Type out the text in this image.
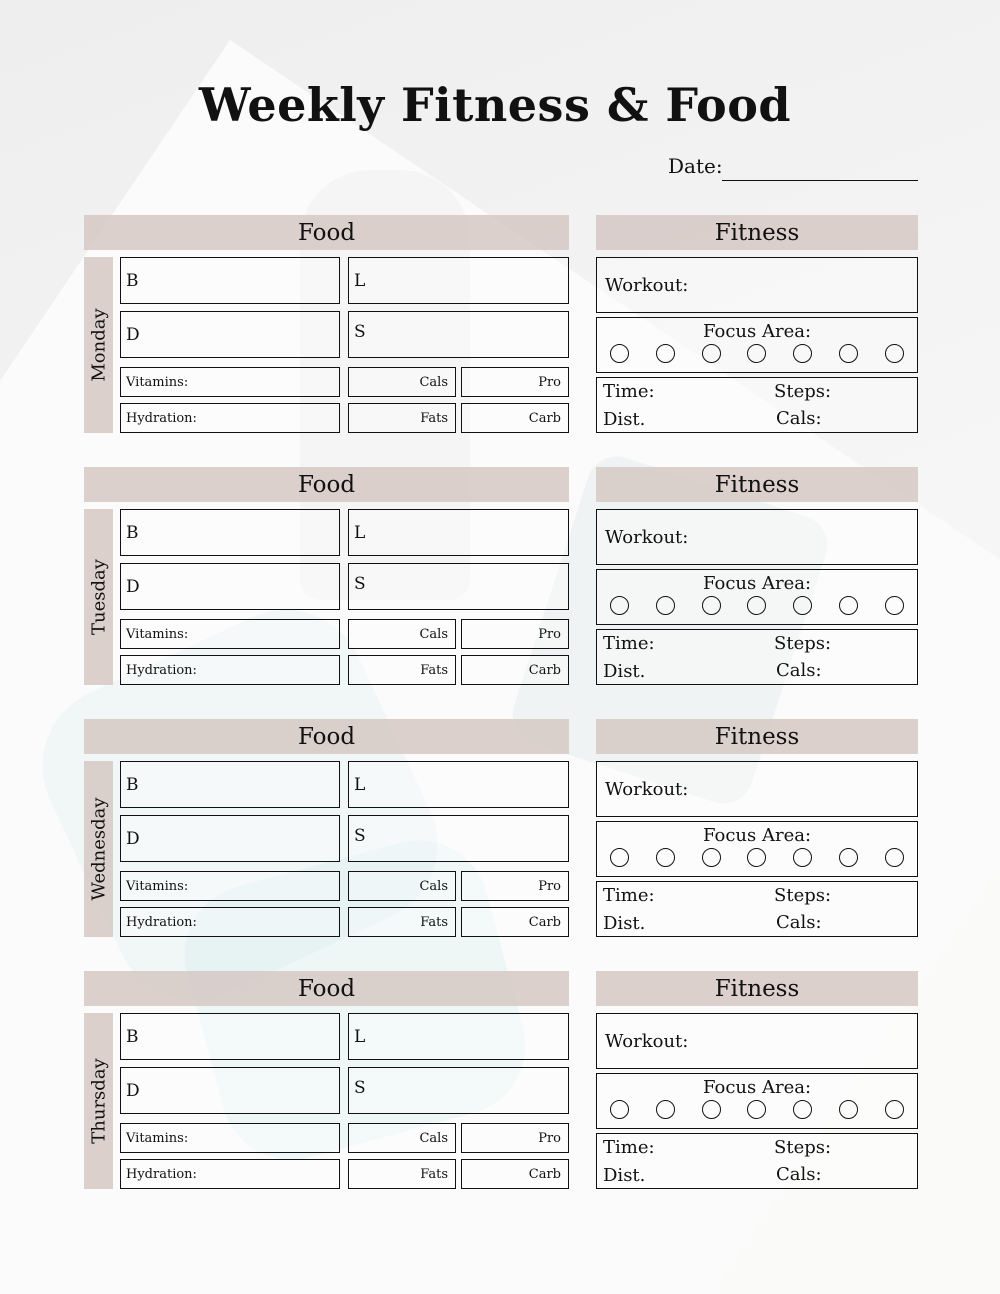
Weekly Fitness & Food
Date:
Food	Fitness
Monday
B	L
D	S
Vitamins:	Cals	Pro
Hydration:	Fats	Carb
Workout:
Focus Area:
Time:	Steps:
Dist.	Cals:
Food	Fitness
Tuesday
B	L
D	S
Vitamins:	Cals	Pro
Hydration:	Fats	Carb
Workout:
Focus Area:
Time:	Steps:
Dist.	Cals:
Food	Fitness
Wednesday
B	L
D	S
Vitamins:	Cals	Pro
Hydration:	Fats	Carb
Workout:
Focus Area:
Time:	Steps:
Dist.	Cals:
Food	Fitness
Thursday
B	L
D	S
Vitamins:	Cals	Pro
Hydration:	Fats	Carb
Workout:
Focus Area:
Time:	Steps:
Dist.	Cals:
